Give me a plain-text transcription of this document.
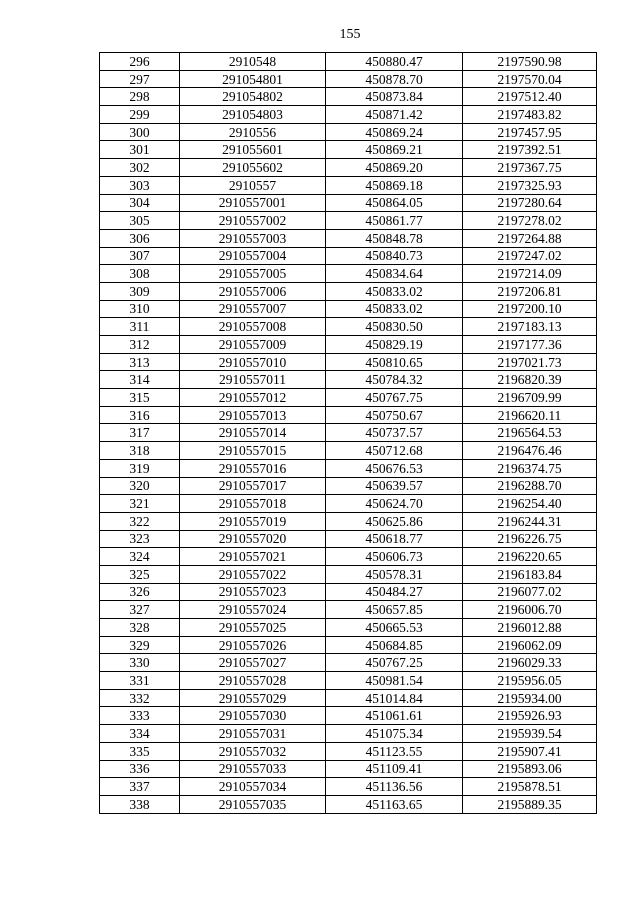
155
296	2910548	450880.47	2197590.98
297	291054801	450878.70	2197570.04
298	291054802	450873.84	2197512.40
299	291054803	450871.42	2197483.82
300	2910556	450869.24	2197457.95
301	291055601	450869.21	2197392.51
302	291055602	450869.20	2197367.75
303	2910557	450869.18	2197325.93
304	2910557001	450864.05	2197280.64
305	2910557002	450861.77	2197278.02
306	2910557003	450848.78	2197264.88
307	2910557004	450840.73	2197247.02
308	2910557005	450834.64	2197214.09
309	2910557006	450833.02	2197206.81
310	2910557007	450833.02	2197200.10
311	2910557008	450830.50	2197183.13
312	2910557009	450829.19	2197177.36
313	2910557010	450810.65	2197021.73
314	2910557011	450784.32	2196820.39
315	2910557012	450767.75	2196709.99
316	2910557013	450750.67	2196620.11
317	2910557014	450737.57	2196564.53
318	2910557015	450712.68	2196476.46
319	2910557016	450676.53	2196374.75
320	2910557017	450639.57	2196288.70
321	2910557018	450624.70	2196254.40
322	2910557019	450625.86	2196244.31
323	2910557020	450618.77	2196226.75
324	2910557021	450606.73	2196220.65
325	2910557022	450578.31	2196183.84
326	2910557023	450484.27	2196077.02
327	2910557024	450657.85	2196006.70
328	2910557025	450665.53	2196012.88
329	2910557026	450684.85	2196062.09
330	2910557027	450767.25	2196029.33
331	2910557028	450981.54	2195956.05
332	2910557029	451014.84	2195934.00
333	2910557030	451061.61	2195926.93
334	2910557031	451075.34	2195939.54
335	2910557032	451123.55	2195907.41
336	2910557033	451109.41	2195893.06
337	2910557034	451136.56	2195878.51
338	2910557035	451163.65	2195889.35
